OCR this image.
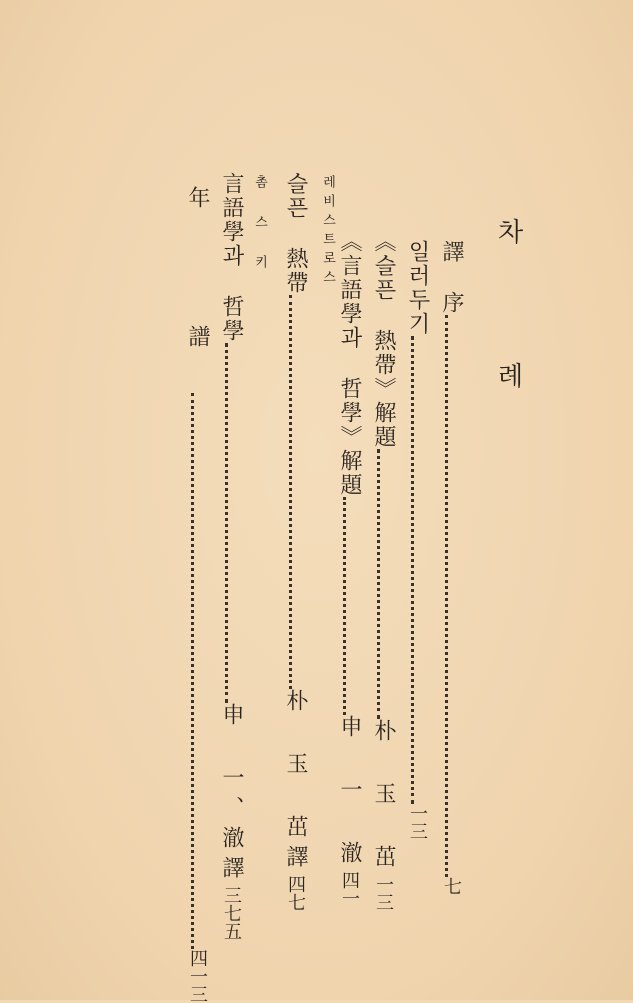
차 례
譯 序七
일러두기一三
《슬픈 熱帶》解題朴 玉 茁一三
《言語學과 哲學》解題申 一 澈四一
레비스트로스
슬픈 熱帶朴 玉 茁譯四七
촘 스 키
言語學과 哲學申 一、澈譯三七五
年 譜四一三
